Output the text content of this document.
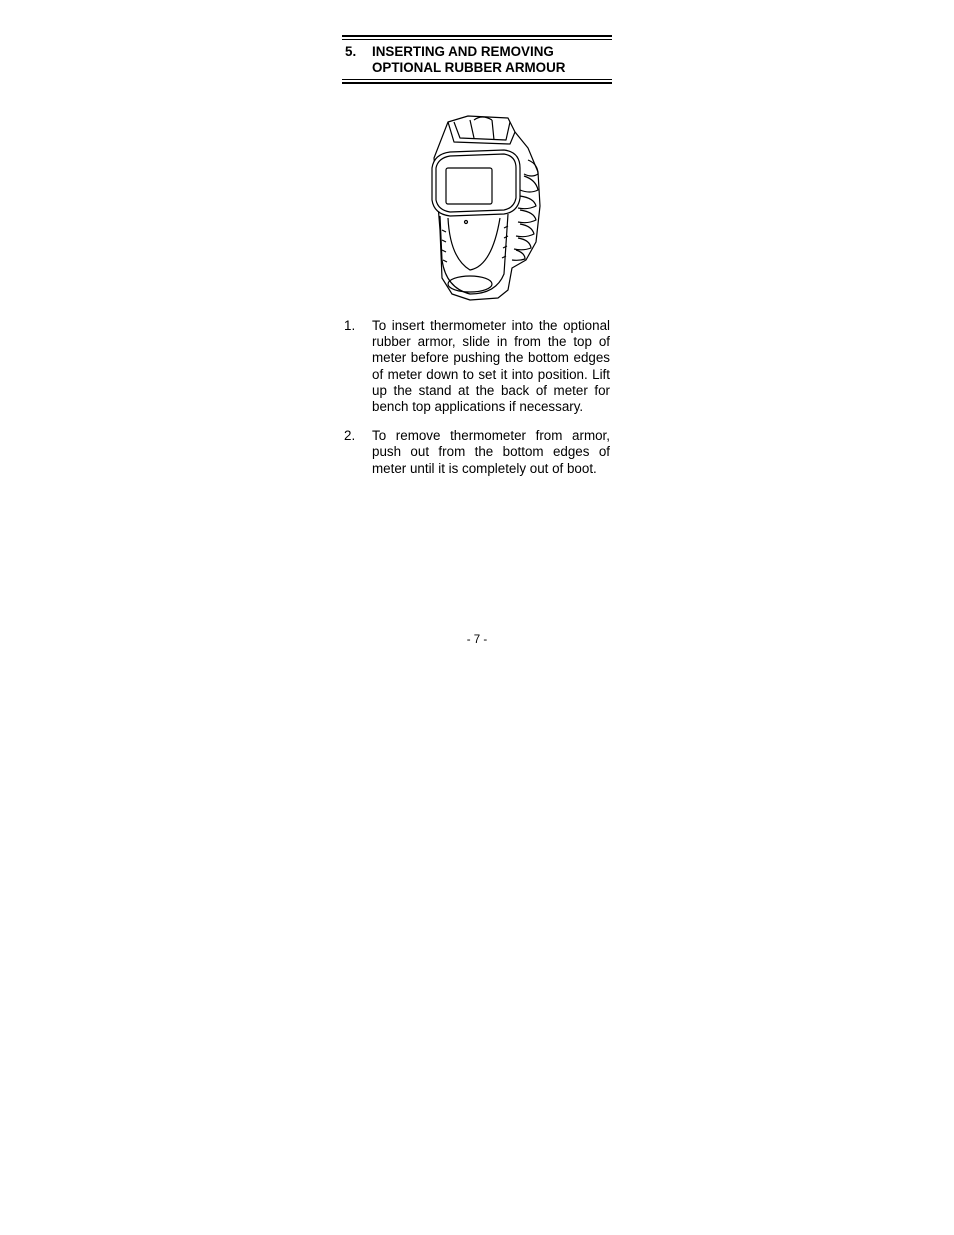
5.	INSERTING AND REMOVING
OPTIONAL RUBBER ARMOUR
1.	To insert thermometer into the optional rubber armor, slide in from the top of meter before pushing the bottom edges of meter down to set it into position. Lift up the stand at the back of meter for bench top applications if necessary.
2.	To remove thermometer from armor, push out from the bottom edges of meter until it is completely out of boot.
- 7 -
